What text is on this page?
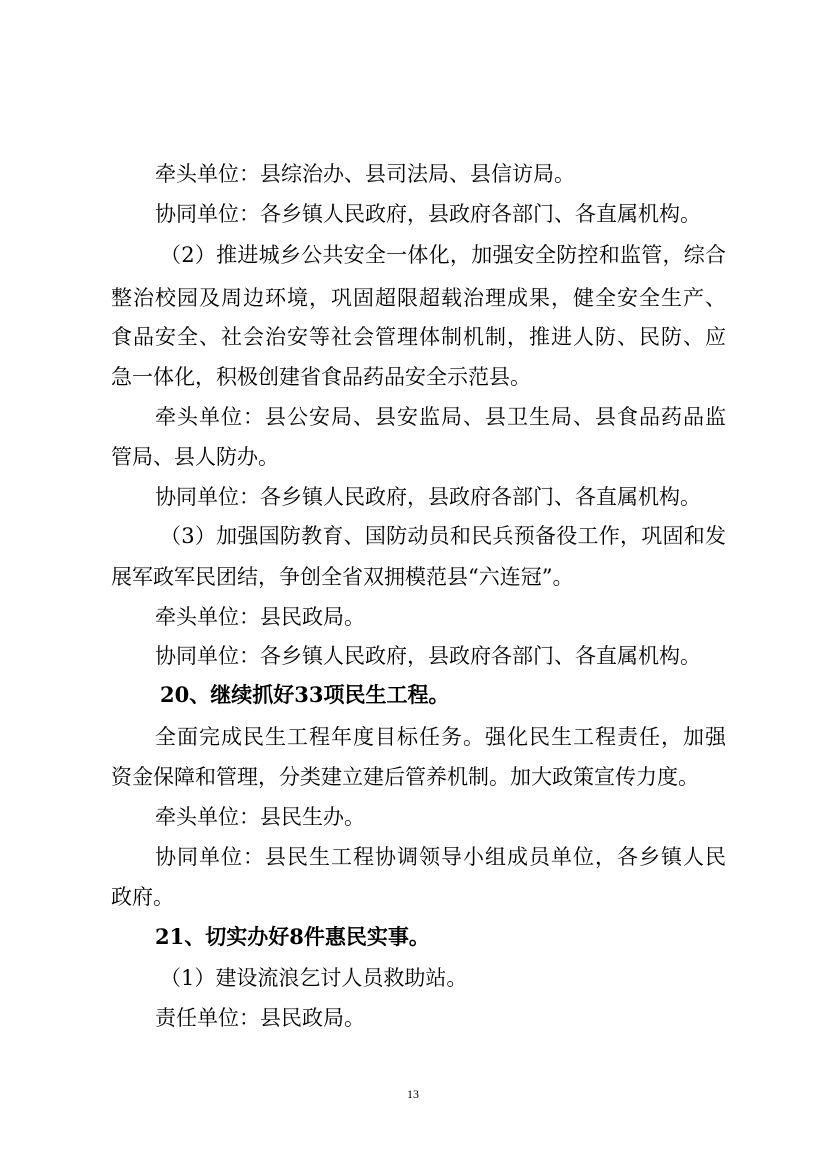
牵头单位：县综治办、县司法局、县信访局。
协同单位：各乡镇人民政府，县政府各部门、各直属机构。
（2）推进城乡公共安全一体化，加强安全防控和监管，综合
整治校园及周边环境，巩固超限超载治理成果，健全安全生产、
食品安全、社会治安等社会管理体制机制，推进人防、民防、应
急一体化，积极创建省食品药品安全示范县。
牵头单位：县公安局、县安监局、县卫生局、县食品药品监
管局、县人防办。
协同单位：各乡镇人民政府，县政府各部门、各直属机构。
（3）加强国防教育、国防动员和民兵预备役工作，巩固和发
展军政军民团结，争创全省双拥模范县“六连冠”。
牵头单位：县民政局。
协同单位：各乡镇人民政府，县政府各部门、各直属机构。
20、继续抓好33项民生工程。
全面完成民生工程年度目标任务。强化民生工程责任，加强
资金保障和管理，分类建立建后管养机制。加大政策宣传力度。
牵头单位：县民生办。
协同单位：县民生工程协调领导小组成员单位，各乡镇人民
政府。
21、切实办好8件惠民实事。
（1）建设流浪乞讨人员救助站。
责任单位：县民政局。
13
